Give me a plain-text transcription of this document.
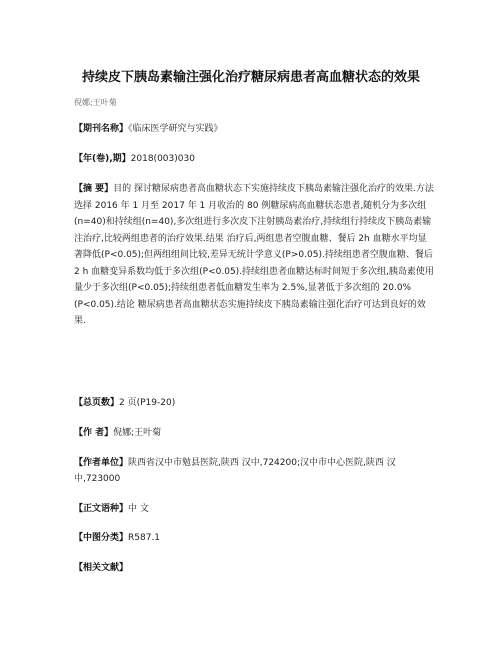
持续皮下胰岛素输注强化治疗糖尿病患者高血糖状态的效果
倪娜;王叶菊
【期刊名称】《临床医学研究与实践》
【年(卷),期】2018(003)030
【摘 要】目的 探讨糖尿病患者高血糖状态下实施持续皮下胰岛素输注强化治疗的效果.方法 选择 2016 年 1 月至 2017 年 1 月收治的 80 例糖尿病高血糖状态患者,随机分为多次组(n=40)和持续组(n=40),多次组进行多次皮下注射胰岛素治疗,持续组行持续皮下胰岛素输注治疗,比较两组患者的治疗效果.结果 治疗后,两组患者空腹血糖、餐后 2h 血糖水平均显著降低(P<0.05);但两组组间比较,差异无统计学意义(P>0.05).持续组患者空腹血糖、餐后 2 h 血糖变异系数均低于多次组(P<0.05).持续组患者血糖达标时间短于多次组,胰岛素使用量少于多次组(P<0.05);持续组患者低血糖发生率为 2.5%,显著低于多次组的 20.0%(P<0.05).结论 糖尿病患者高血糖状态实施持续皮下胰岛素输注强化治疗可达到良好的效果.
【总页数】2 页(P19-20)
【作 者】倪娜;王叶菊
【作者单位】陕西省汉中市勉县医院,陕西 汉中,724200;汉中市中心医院,陕西 汉中,723000
【正文语种】中 文
【中图分类】R587.1
【相关文献】
